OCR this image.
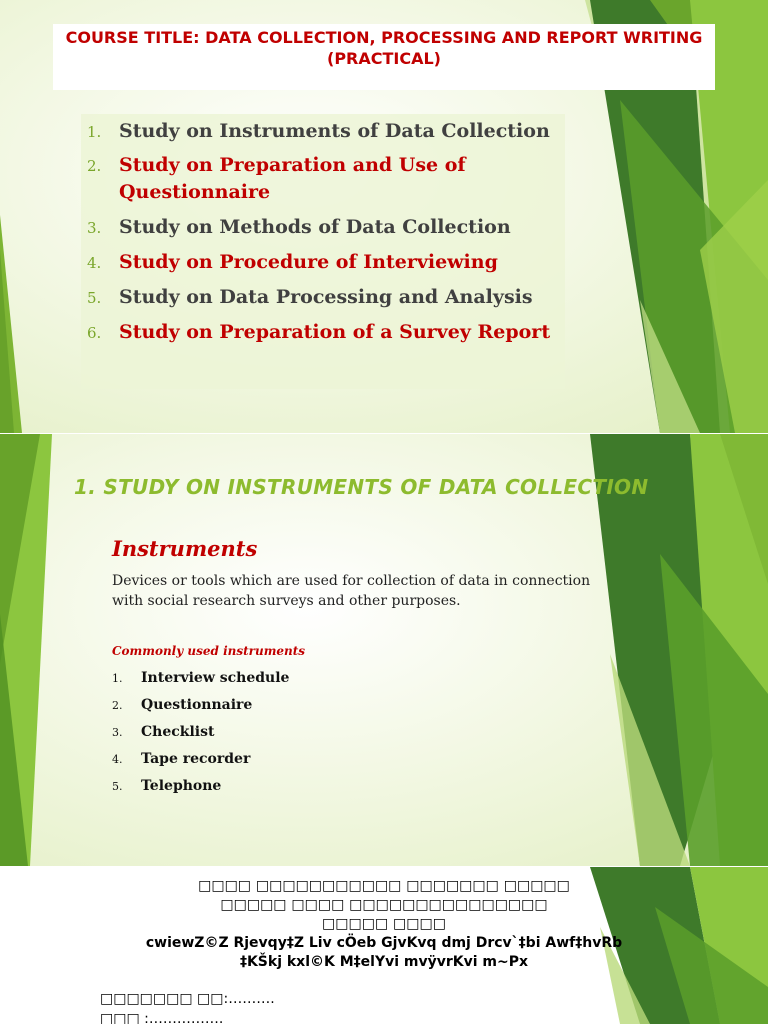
COURSE TITLE: DATA COLLECTION, PROCESSING AND REPORT WRITING (PRACTICAL)
1. Study on Instruments of Data Collection
2. Study on Preparation and Use of Questionnaire
3. Study on Methods of Data Collection
4. Study on Procedure of Interviewing
5. Study on Data Processing and Analysis
6. Study on Preparation of a Survey Report
1. STUDY ON INSTRUMENTS OF DATA COLLECTION
Instruments
Devices or tools which are used for collection of data in connection with social research surveys and other purposes.
Commonly used instruments
1. Interview schedule
2. Questionnaire
3. Checklist
4. Tape recorder
5. Telephone
□□□□ □□□□□□□□□□□ □□□□□□□ □□□□□
□□□□□ □□□□ □□□□□□□□□□□□□□□
□□□□□ □□□□
cwiewZ©Z Rjevqy‡Z Liv cÖeb GjvKvq dmj Drcv`‡bi Awf‡hvRb
‡KŠkj kxl©K M‡elYvi mvÿvrKvi m~Px
□□□□□□□ □□:……….
□□□ :…………….
